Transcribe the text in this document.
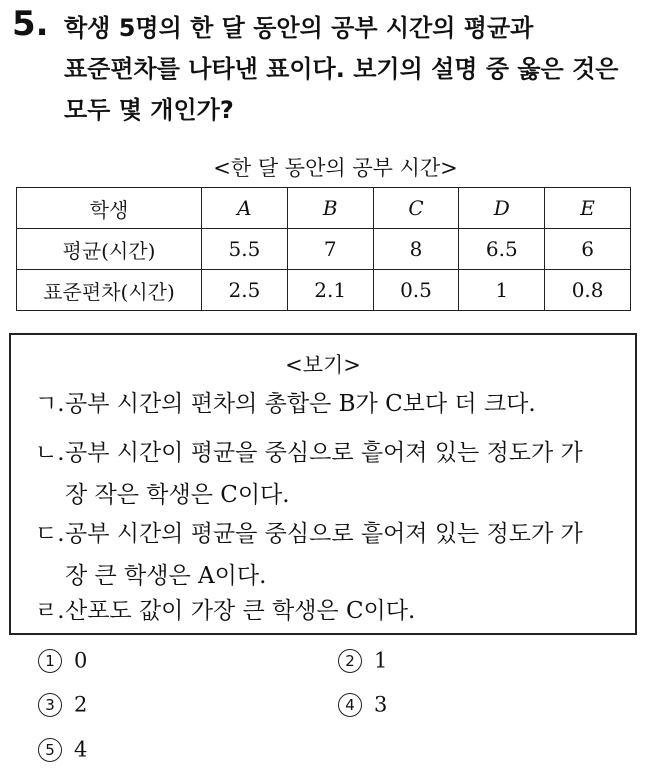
5. 학생 5명의 한 달 동안의 공부 시간의 평균과 표준편차를 나타낸 표이다. 보기의 설명 중 옳은 것은 모두 몇 개인가?
<한 달 동안의 공부 시간>
학생	A	B	C	D	E
평균(시간)	5.5	7	8	6.5	6
표준편차(시간)	2.5	2.1	0.5	1	0.8
<보기>
ㄱ.공부 시간의 편차의 총합은 B가 C보다 더 크다.
ㄴ.공부 시간이 평균을 중심으로 흩어져 있는 정도가 가
장 작은 학생은 C이다.
ㄷ.공부 시간의 평균을 중심으로 흩어져 있는 정도가 가
장 큰 학생은 A이다.
ㄹ.산포도 값이 가장 큰 학생은 C이다.
1 0	2 1
3 2	4 3
5 4
